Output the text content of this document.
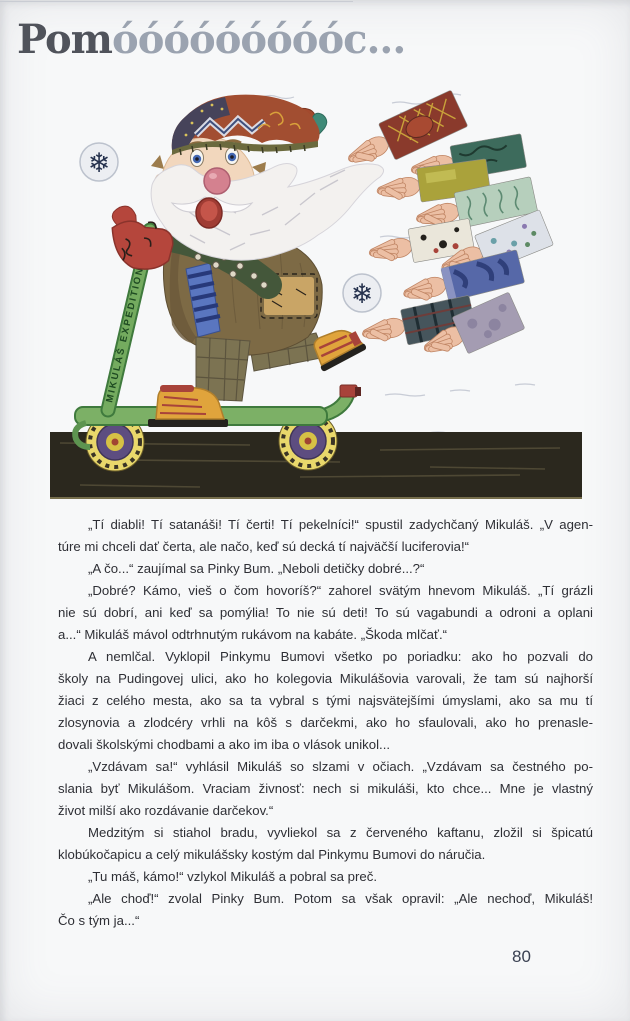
Pomóóóóóóóóóc...
❄
❄
MIKULÁŠ EXPEDITION
„Tí diabli! Tí satanáši! Tí čerti! Tí pekelníci!“ spustil zadychčaný Mikuláš. „V agen-
túre mi chceli dať čerta, ale načo, keď sú decká tí najväčší luciferovia!“
„A čo...“ zaujímal sa Pinky Bum. „Neboli detičky dobré...?“
„Dobré? Kámo, vieš o čom hovoríš?“ zahorel svätým hnevom Mikuláš. „Tí grázli
nie sú dobrí, ani keď sa pomýlia! To nie sú deti! To sú vagabundi a odroni a oplani
a...“ Mikuláš mávol odtrhnutým rukávom na kabáte. „Škoda mlčať.“
A nemlčal. Vyklopil Pinkymu Bumovi všetko po poriadku: ako ho pozvali do
školy na Pudingovej ulici, ako ho kolegovia Mikulášovia varovali, že tam sú najhorší
žiaci z celého mesta, ako sa ta vybral s tými najsvätejšími úmyslami, ako sa mu tí
zlosynovia a zlodcéry vrhli na kôš s darčekmi, ako ho sfaulovali, ako ho prenasle-
dovali školskými chodbami a ako im iba o vlások unikol...
„Vzdávam sa!“ vyhlásil Mikuláš so slzami v očiach. „Vzdávam sa čestného po-
slania byť Mikulášom. Vraciam živnosť: nech si mikuláši, kto chce... Mne je vlastný
život milší ako rozdávanie darčekov.“
Medzitým si stiahol bradu, vyvliekol sa z červeného kaftanu, zložil si špicatú
klobúkočapicu a celý mikulášsky kostým dal Pinkymu Bumovi do náručia.
„Tu máš, kámo!“ vzlykol Mikuláš a pobral sa preč.
„Ale choď!“ zvolal Pinky Bum. Potom sa však opravil: „Ale nechoď, Mikuláš!
Čo s tým ja...“
80
